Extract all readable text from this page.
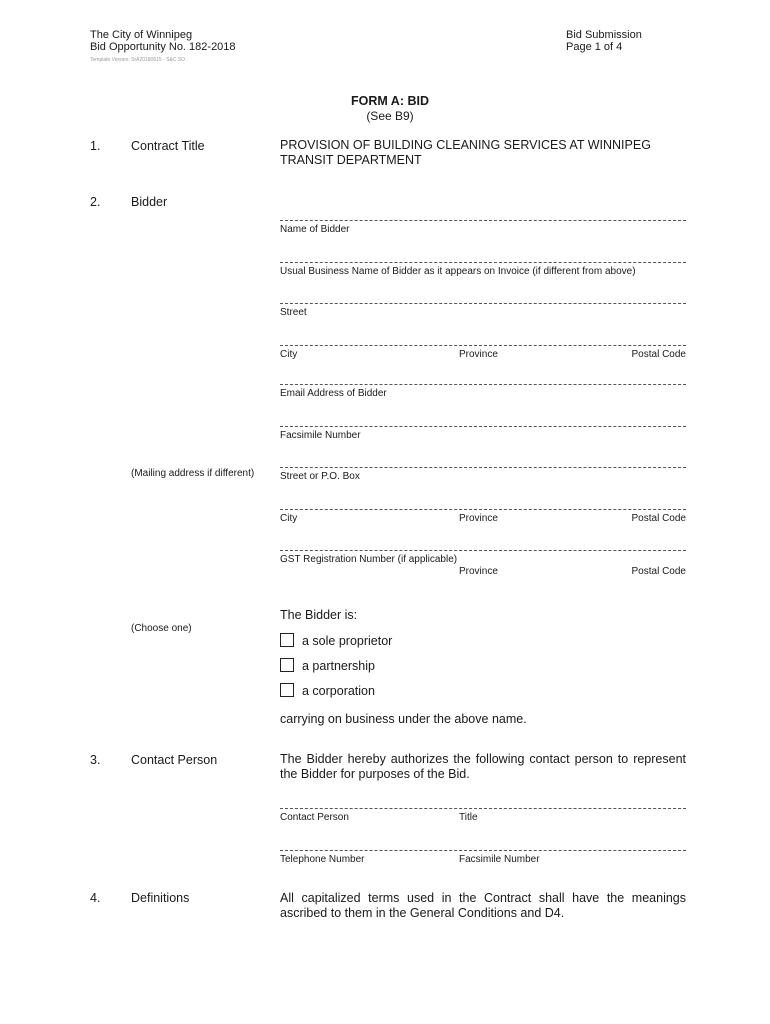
The City of Winnipeg
Bid Opportunity No. 182-2018
Template Version: SrA20180615 - S&C SO
Bid Submission
Page 1 of 4
FORM A: BID
(See B9)
1. Contract Title	PROVISION OF BUILDING CLEANING SERVICES AT WINNIPEG TRANSIT DEPARTMENT
2. Bidder
Name of Bidder
Usual Business Name of Bidder as it appears on Invoice (if different from above)
Street
City	Province	Postal Code
Email Address of Bidder
Facsimile Number
(Mailing address if different)	Street or P.O. Box
City	Province	Postal Code
GST Registration Number (if applicable)
Province	Postal Code
The Bidder is:
(Choose one)
a sole proprietor
a partnership
a corporation
carrying on business under the above name.
3. Contact Person	The Bidder hereby authorizes the following contact person to represent the Bidder for purposes of the Bid.
Contact Person	Title
Telephone Number	Facsimile Number
4. Definitions	All capitalized terms used in the Contract shall have the meanings ascribed to them in the General Conditions and D4.
